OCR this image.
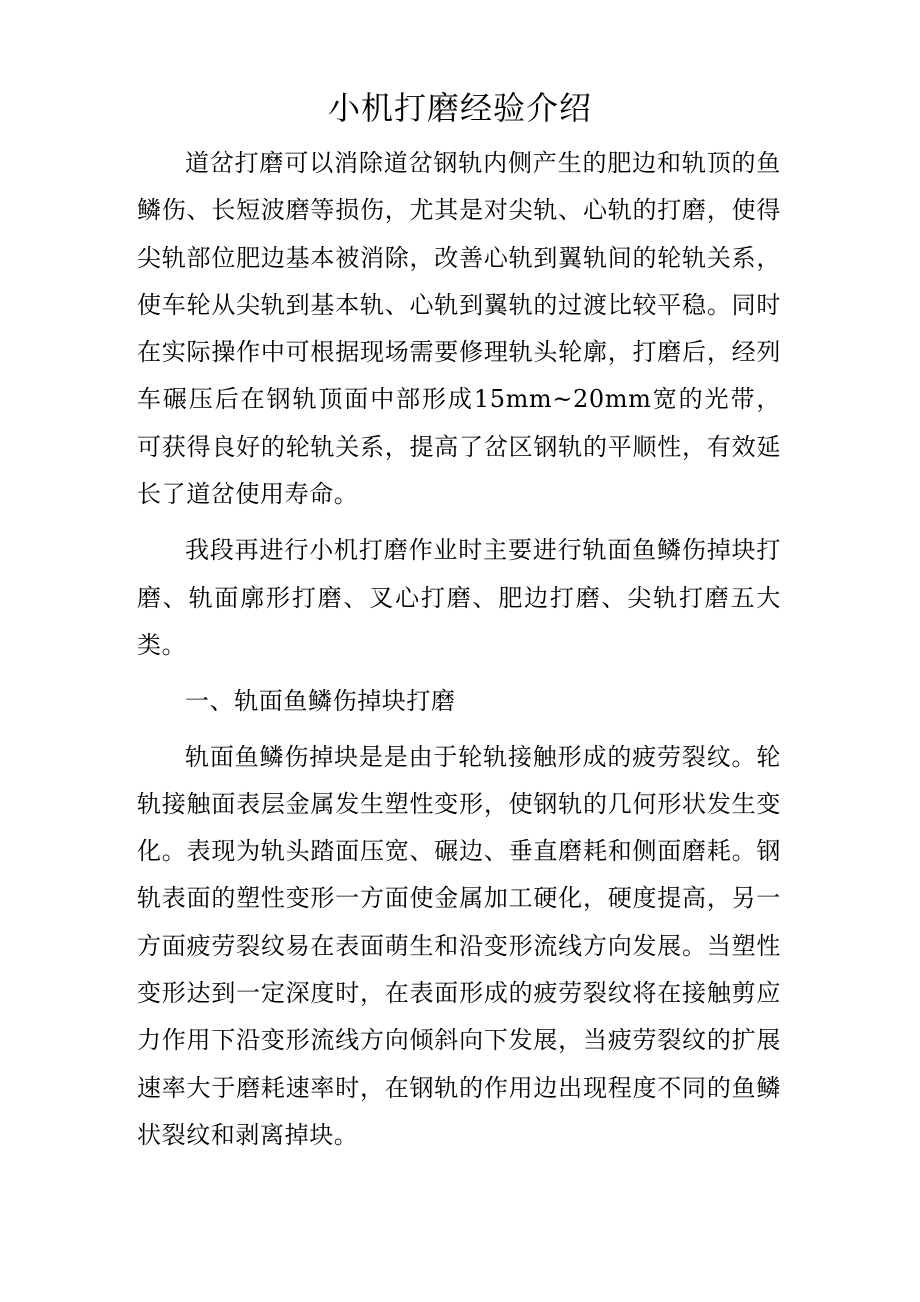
小机打磨经验介绍

道岔打磨可以消除道岔钢轨内侧产生的肥边和轨顶的鱼鳞伤、长短波磨等损伤，尤其是对尖轨、心轨的打磨，使得尖轨部位肥边基本被消除，改善心轨到翼轨间的轮轨关系，使车轮从尖轨到基本轨、心轨到翼轨的过渡比较平稳。同时在实际操作中可根据现场需要修理轨头轮廓，打磨后，经列车碾压后在钢轨顶面中部形成15mm~20mm宽的光带，可获得良好的轮轨关系，提高了岔区钢轨的平顺性，有效延长了道岔使用寿命。

我段再进行小机打磨作业时主要进行轨面鱼鳞伤掉块打磨、轨面廓形打磨、叉心打磨、肥边打磨、尖轨打磨五大类。

一、轨面鱼鳞伤掉块打磨

轨面鱼鳞伤掉块是是由于轮轨接触形成的疲劳裂纹。轮轨接触面表层金属发生塑性变形，使钢轨的几何形状发生变化。表现为轨头踏面压宽、碾边、垂直磨耗和侧面磨耗。钢轨表面的塑性变形一方面使金属加工硬化，硬度提高，另一方面疲劳裂纹易在表面萌生和沿变形流线方向发展。当塑性变形达到一定深度时，在表面形成的疲劳裂纹将在接触剪应力作用下沿变形流线方向倾斜向下发展，当疲劳裂纹的扩展速率大于磨耗速率时，在钢轨的作用边出现程度不同的鱼鳞状裂纹和剥离掉块。
